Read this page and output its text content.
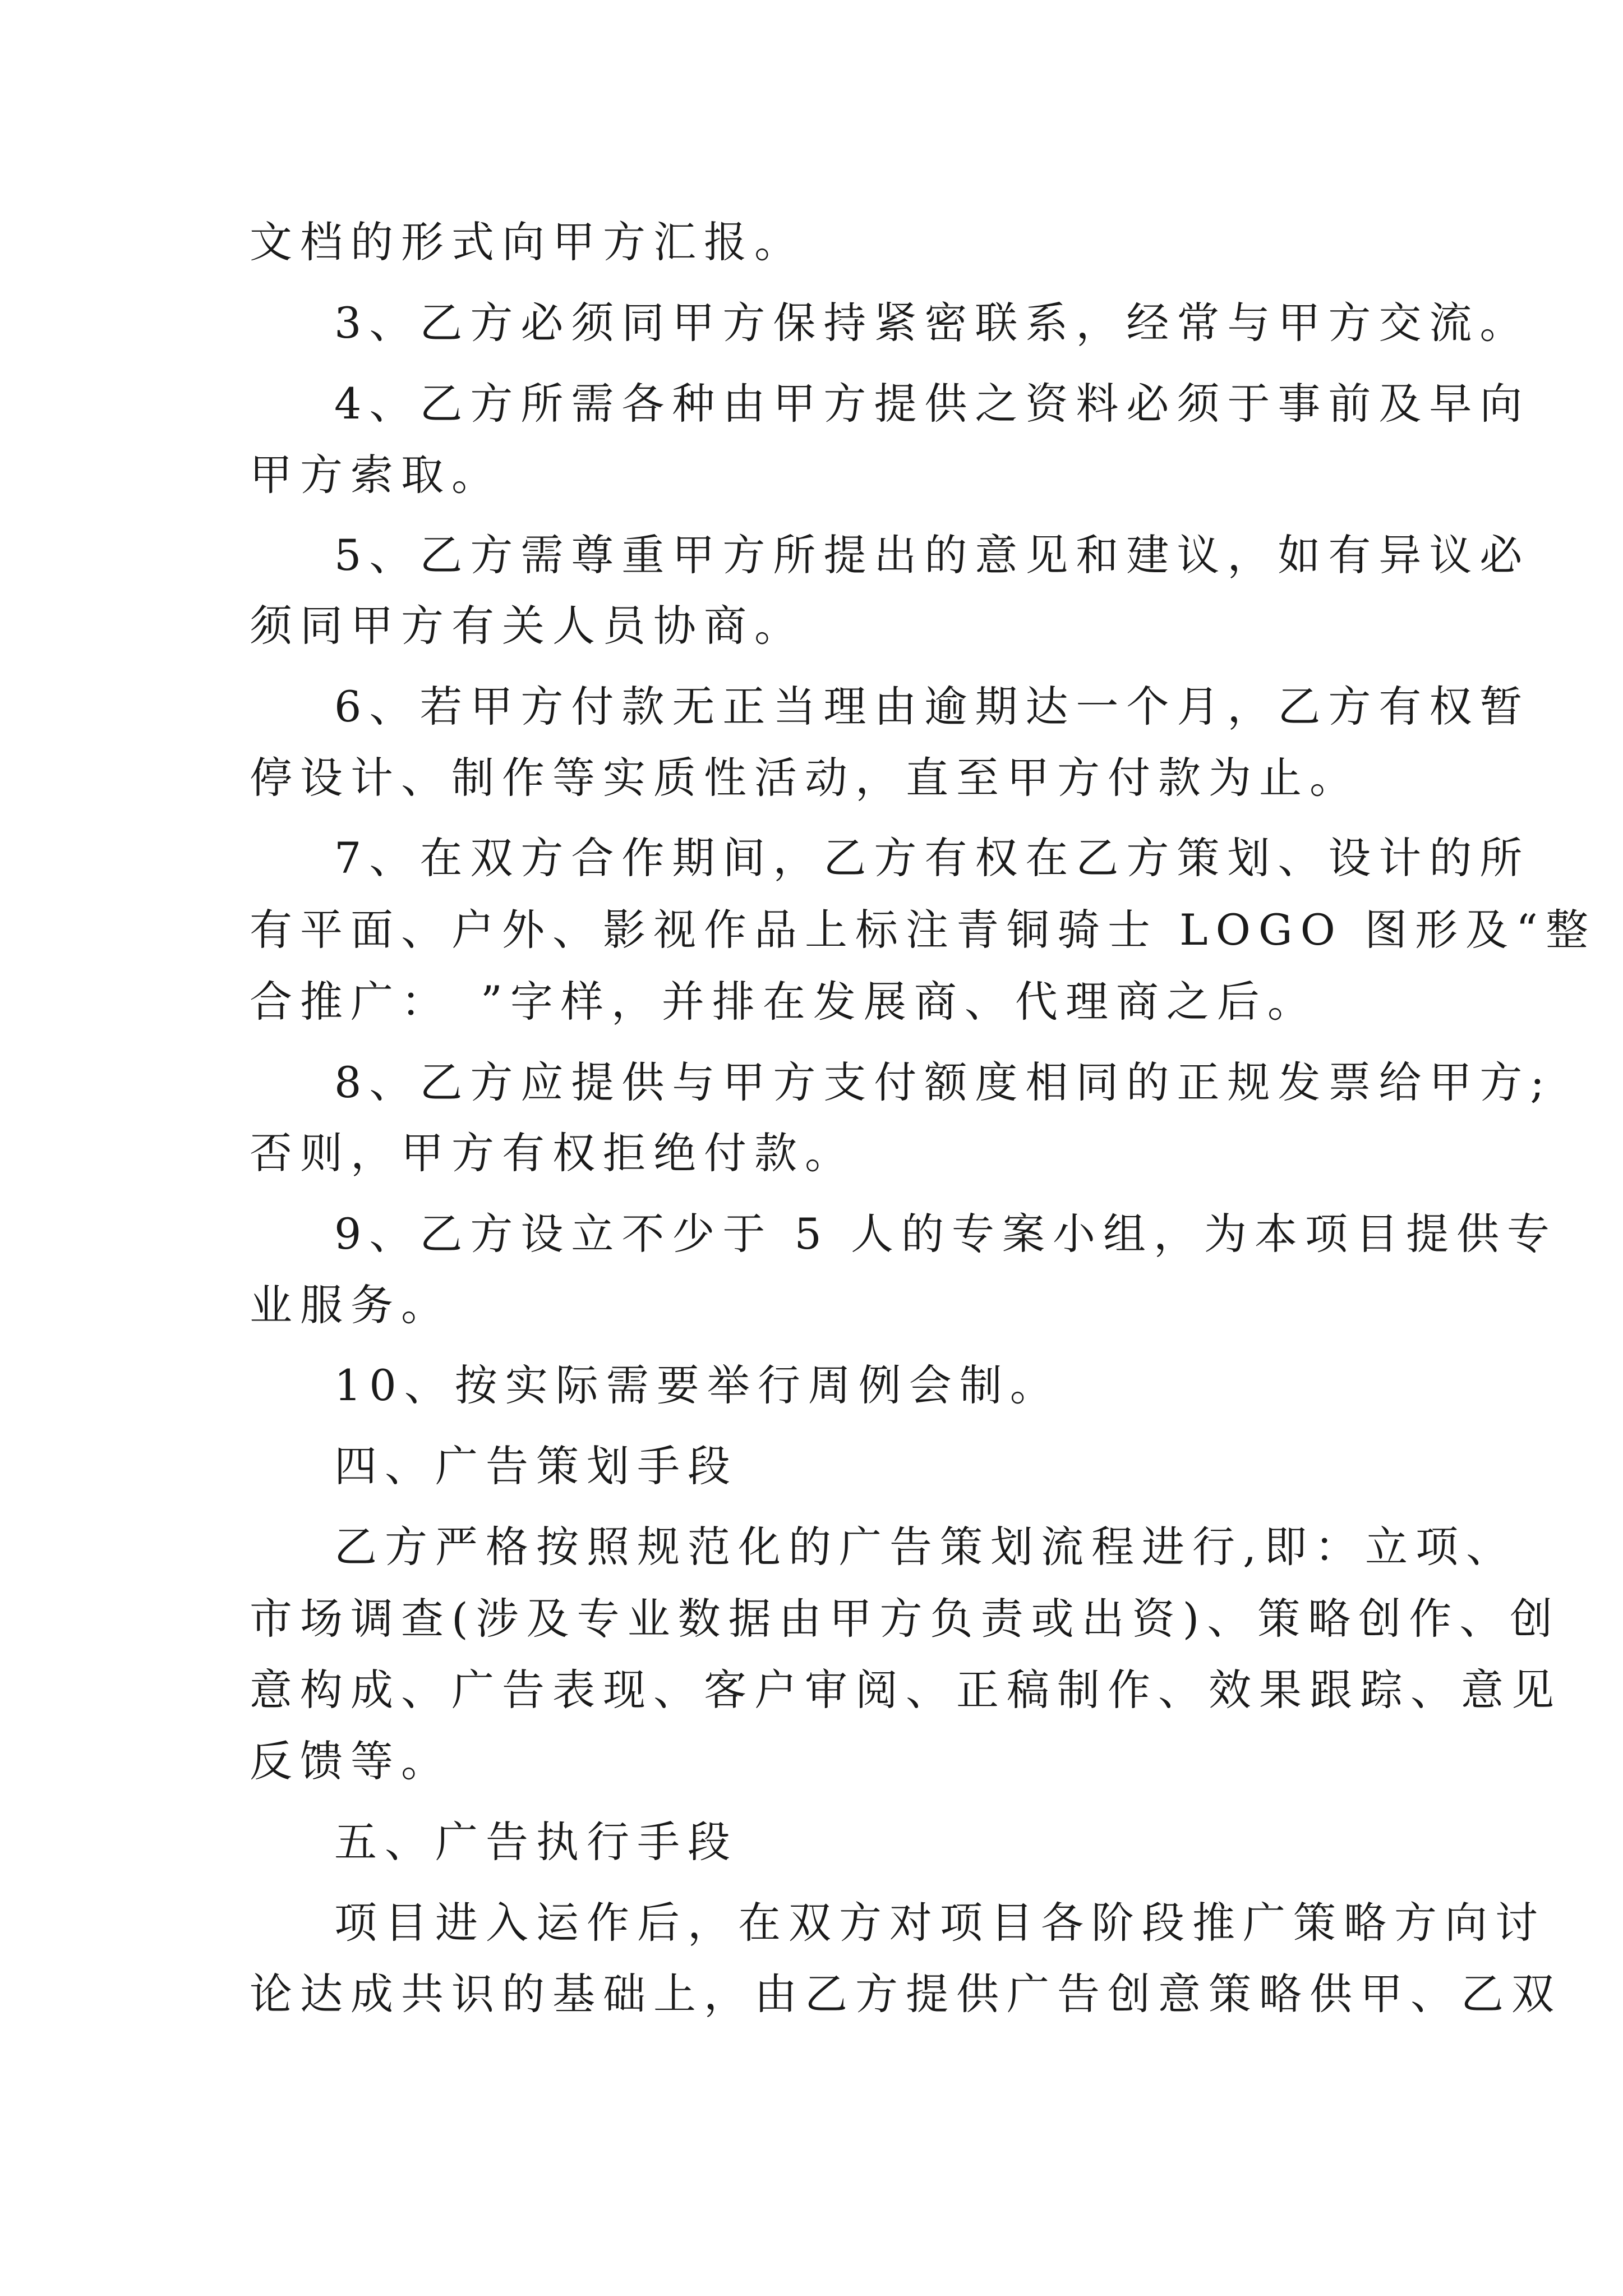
文档的形式向甲方汇报。
3、乙方必须同甲方保持紧密联系，经常与甲方交流。
4、乙方所需各种由甲方提供之资料必须于事前及早向
甲方索取。
5、乙方需尊重甲方所提出的意见和建议，如有异议必
须同甲方有关人员协商。
6、若甲方付款无正当理由逾期达一个月，乙方有权暂
停设计、制作等实质性活动，直至甲方付款为止。
7、在双方合作期间，乙方有权在乙方策划、设计的所
有平面、户外、影视作品上标注青铜骑士 LOGO 图形及“整
合推广：　”字样，并排在发展商、代理商之后。
8、乙方应提供与甲方支付额度相同的正规发票给甲方;
否则，甲方有权拒绝付款。
9、乙方设立不少于 5 人的专案小组，为本项目提供专
业服务。
10、按实际需要举行周例会制。
四、广告策划手段
乙方严格按照规范化的广告策划流程进行,即：立项、
市场调查(涉及专业数据由甲方负责或出资)、策略创作、创
意构成、广告表现、客户审阅、正稿制作、效果跟踪、意见
反馈等。
五、广告执行手段
项目进入运作后，在双方对项目各阶段推广策略方向讨
论达成共识的基础上，由乙方提供广告创意策略供甲、乙双
